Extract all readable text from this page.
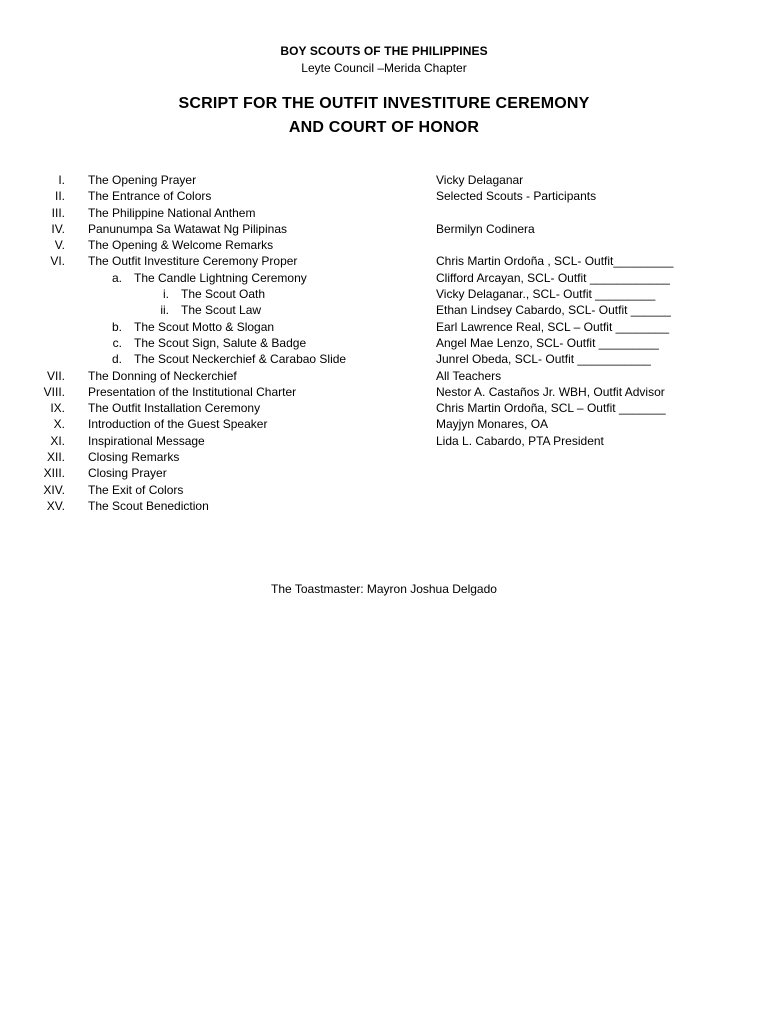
BOY SCOUTS OF THE PHILIPPINES
Leyte Council –Merida Chapter
SCRIPT FOR THE OUTFIT INVESTITURE CEREMONY
AND COURT OF HONOR
I. The Opening Prayer	Vicky Delaganar
II. The Entrance of Colors	Selected Scouts - Participants
III. The Philippine National Anthem
IV. Panunumpa Sa Watawat Ng Pilipinas	Bermilyn Codinera
V. The Opening & Welcome Remarks
VI. The Outfit Investiture Ceremony Proper	Chris Martin Ordoña , SCL- Outfit_________
a. The Candle Lightning Ceremony	Clifford Arcayan, SCL- Outfit ____________
i. The Scout Oath	Vicky Delaganar., SCL- Outfit _________
ii. The Scout Law	Ethan Lindsey Cabardo, SCL- Outfit ______
b. The Scout Motto & Slogan	Earl Lawrence Real, SCL – Outfit ________
c. The Scout Sign, Salute & Badge	Angel Mae Lenzo, SCL- Outfit _________
d. The Scout Neckerchief & Carabao Slide	Junrel Obeda, SCL- Outfit ___________
VII. The Donning of Neckerchief	All Teachers
VIII. Presentation of the Institutional Charter	Nestor A. Castaños Jr. WBH, Outfit Advisor
IX. The Outfit Installation Ceremony	Chris Martin Ordoña, SCL – Outfit _______
X. Introduction of the Guest Speaker	Mayjyn Monares, OA
XI. Inspirational Message	Lida L. Cabardo, PTA President
XII. Closing Remarks
XIII. Closing Prayer
XIV. The Exit of Colors
XV. The Scout Benediction
The Toastmaster: Mayron Joshua Delgado
